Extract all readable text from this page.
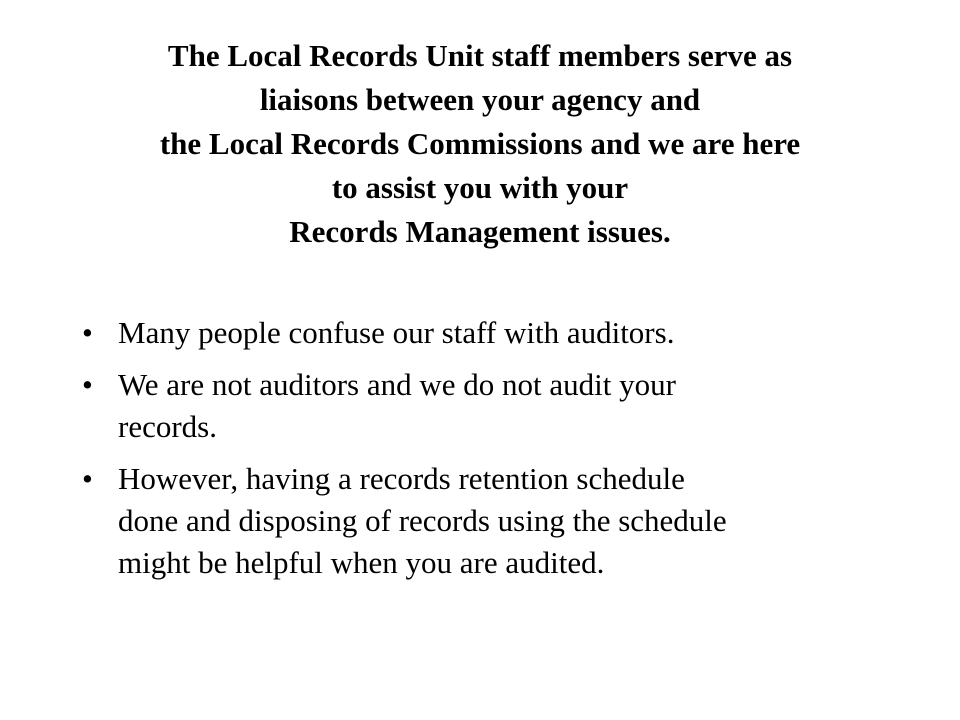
The Local Records Unit staff members serve as
liaisons between your agency and
the Local Records Commissions and we are here
to assist you with your
Records Management issues.
• Many people confuse our staff with auditors.
• We are not auditors and we do not audit your
records.
• However, having a records retention schedule
done and disposing of records using the schedule
might be helpful when you are audited.
